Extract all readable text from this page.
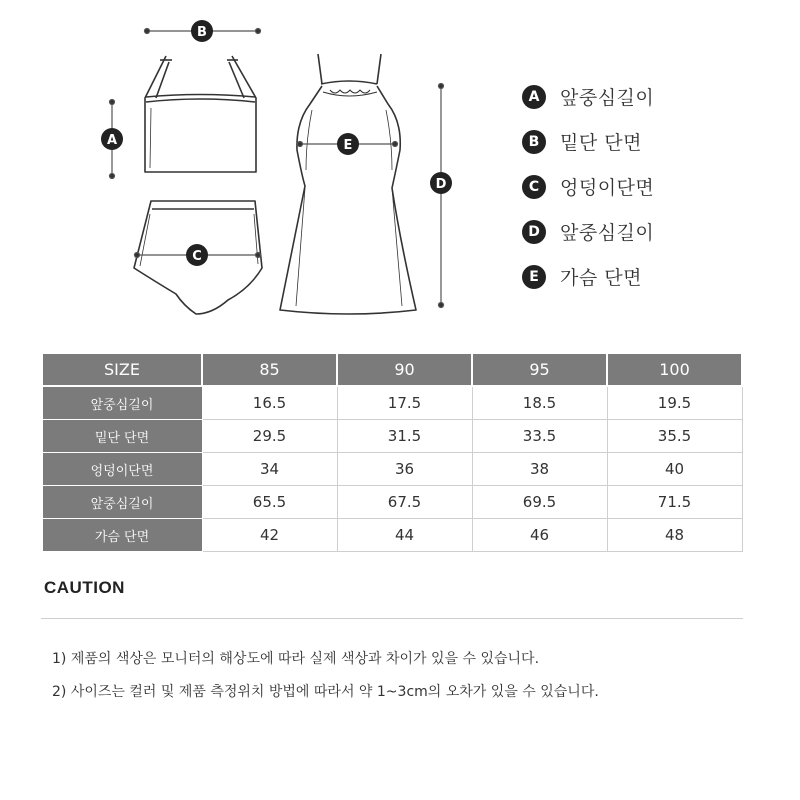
B
A
C
E
D
A	앞중심길이
B	밑단 단면
C	엉덩이단면
D	앞중심길이
E	가슴 단면
SIZE	85	90	95	100
앞중심길이	16.5	17.5	18.5	19.5
밑단 단면	29.5	31.5	33.5	35.5
엉덩이단면	34	36	38	40
앞중심길이	65.5	67.5	69.5	71.5
가슴 단면	42	44	46	48
CAUTION
1) 제품의 색상은 모니터의 해상도에 따라 실제 색상과 차이가 있을 수 있습니다.
2) 사이즈는 컬러 및 제품 측정위치 방법에 따라서 약 1~3cm의 오차가 있을 수 있습니다.
